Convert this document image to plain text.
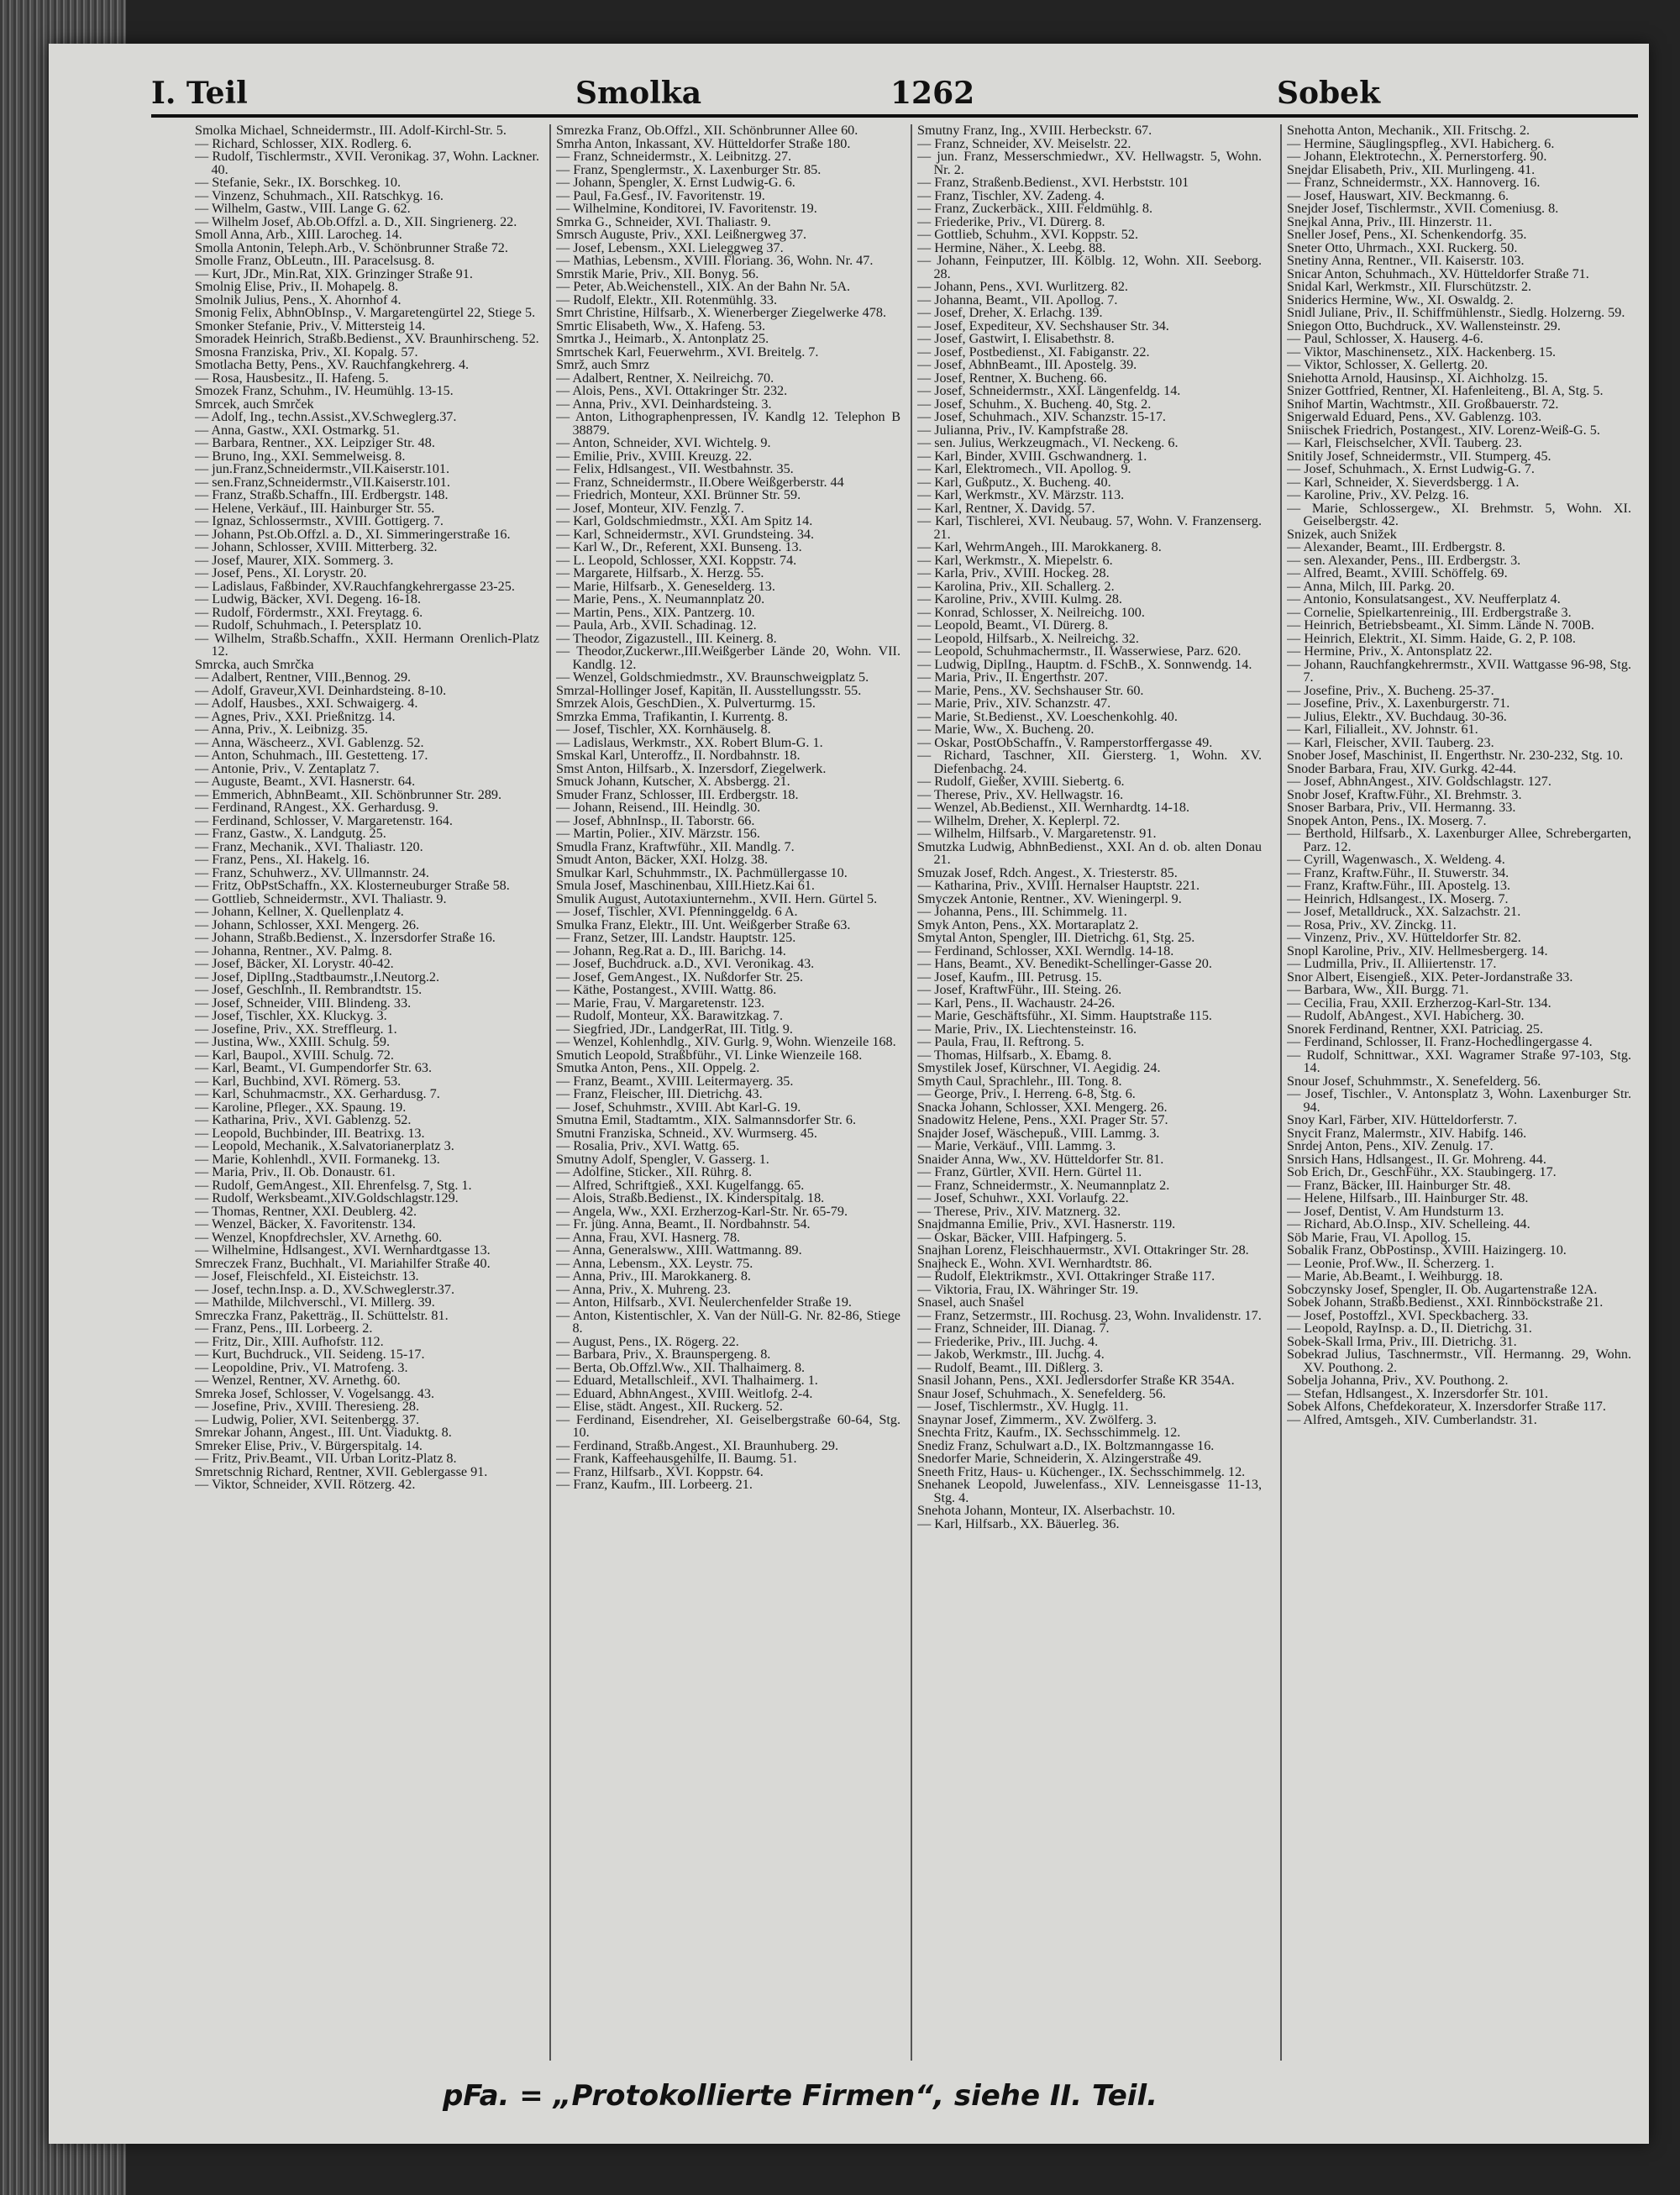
I. Teil	Smolka	1262	Sobek
Smolka Michael, Schneidermstr., III. Adolf-Kirchl-Str. 5.
— Richard, Schlosser, XIX. Rodlerg. 6.
— Rudolf, Tischlermstr., XVII. Veronikag. 37, Wohn. Lackner. 40.
— Stefanie, Sekr., IX. Borschkeg. 10.
— Vinzenz, Schuhmach., XII. Ratschkyg. 16.
— Wilhelm, Gastw., VIII. Lange G. 62.
— Wilhelm Josef, Ab.Ob.Offzl. a. D., XII. Singrienerg. 22.
Smoll Anna, Arb., XIII. Larocheg. 14.
Smolla Antonin, Teleph.Arb., V. Schönbrunner Straße 72.
Smolle Franz, ObLeutn., III. Paracelsusg. 8.
— Kurt, JDr., Min.Rat, XIX. Grinzinger Straße 91.
Smolnig Elise, Priv., II. Mohapelg. 8.
Smolnik Julius, Pens., X. Ahornhof 4.
Smonig Felix, AbhnObInsp., V. Margaretengürtel 22, Stiege 5.
Smonker Stefanie, Priv., V. Mittersteig 14.
Smoradek Heinrich, Straßb.Bedienst., XV. Braunhirscheng. 52.
Smosna Franziska, Priv., XI. Kopalg. 57.
Smotlacha Betty, Pens., XV. Rauchfangkehrerg. 4.
— Rosa, Hausbesitz., II. Hafeng. 5.
Smozek Franz, Schuhm., IV. Heumühlg. 13-15.
Smrcek, auch Smrček
— Adolf, Ing., techn.Assist.,XV.Schweglerg.37.
— Anna, Gastw., XXI. Ostmarkg. 51.
— Barbara, Rentner., XX. Leipziger Str. 48.
— Bruno, Ing., XXI. Semmelweisg. 8.
— jun.Franz,Schneidermstr.,VII.Kaiserstr.101.
— sen.Franz,Schneidermstr.,VII.Kaiserstr.101.
— Franz, Straßb.Schaffn., III. Erdbergstr. 148.
— Helene, Verkäuf., III. Hainburger Str. 55.
— Ignaz, Schlossermstr., XVIII. Gottigerg. 7.
— Johann, Pst.Ob.Offzl. a. D., XI. Simmeringerstraße 16.
— Johann, Schlosser, XVIII. Mitterberg. 32.
— Josef, Maurer, XIX. Sommerg. 3.
— Josef, Pens., XI. Lorystr. 20.
— Ladislaus, Faßbinder, XV.Rauchfangkehrergasse 23-25.
— Ludwig, Bäcker, XVI. Degeng. 16-18.
— Rudolf, Fördermstr., XXI. Freytagg. 6.
— Rudolf, Schuhmach., I. Petersplatz 10.
— Wilhelm, Straßb.Schaffn., XXII. Hermann Orenlich-Platz 12.
Smrcka, auch Smrčka
— Adalbert, Rentner, VIII.,Bennog. 29.
— Adolf, Graveur,XVI. Deinhardsteing. 8-10.
— Adolf, Hausbes., XXI. Schwaigerg. 4.
— Agnes, Priv., XXI. Prießnitzg. 14.
— Anna, Priv., X. Leibnizg. 35.
— Anna, Wäscheerz., XVI. Gablenzg. 52.
— Anton, Schuhmach., III. Gestetteng. 17.
— Antonie, Priv., V. Zentaplatz 7.
— Auguste, Beamt., XVI. Hasnerstr. 64.
— Emmerich, AbhnBeamt., XII. Schönbrunner Str. 289.
— Ferdinand, RAngest., XX. Gerhardusg. 9.
— Ferdinand, Schlosser, V. Margaretenstr. 164.
— Franz, Gastw., X. Landgutg. 25.
— Franz, Mechanik., XVI. Thaliastr. 120.
— Franz, Pens., XI. Hakelg. 16.
— Franz, Schuhwerz., XV. Ullmannstr. 24.
— Fritz, ObPstSchaffn., XX. Klosterneuburger Straße 58.
— Gottlieb, Schneidermstr., XVI. Thaliastr. 9.
— Johann, Kellner, X. Quellenplatz 4.
— Johann, Schlosser, XXI. Mengerg. 26.
— Johann, Straßb.Bedienst., X. Inzersdorfer Straße 16.
— Johanna, Rentner., XV. Palmg. 8.
— Josef, Bäcker, XI. Lorystr. 40-42.
— Josef, DiplIng.,Stadtbaumstr.,I.Neutorg.2.
— Josef, GeschInh., II. Rembrandtstr. 15.
— Josef, Schneider, VIII. Blindeng. 33.
— Josef, Tischler, XX. Kluckyg. 3.
— Josefine, Priv., XX. Streffleurg. 1.
— Justina, Ww., XXIII. Schulg. 59.
— Karl, Baupol., XVIII. Schulg. 72.
— Karl, Beamt., VI. Gumpendorfer Str. 63.
— Karl, Buchbind, XVI. Römerg. 53.
— Karl, Schuhmacmstr., XX. Gerhardusg. 7.
— Karoline, Pfleger., XX. Spaung. 19.
— Katharina, Priv., XVI. Gablenzg. 52.
— Leopold, Buchbinder, III. Beatrixg. 13.
— Leopold, Mechanik., X.Salvatorianerplatz 3.
— Marie, Kohlenhdl., XVII. Formanekg. 13.
— Maria, Priv., II. Ob. Donaustr. 61.
— Rudolf, GemAngest., XII. Ehrenfelsg. 7, Stg. 1.
— Rudolf, Werksbeamt.,XIV.Goldschlagstr.129.
— Thomas, Rentner, XXI. Deublerg. 42.
— Wenzel, Bäcker, X. Favoritenstr. 134.
— Wenzel, Knopfdrechsler, XV. Arnethg. 60.
— Wilhelmine, Hdlsangest., XVI. Wernhardtgasse 13.
Smreczek Franz, Buchhalt., VI. Mariahilfer Straße 40.
— Josef, Fleischfeld., XI. Eisteichstr. 13.
— Josef, techn.Insp. a. D., XV.Schweglerstr.37.
— Mathilde, Milchverschl., VI. Millerg. 39.
Smreczka Franz, Paketträg., II. Schüttelstr. 81.
— Franz, Pens., III. Lorbeerg. 2.
— Fritz, Dir., XIII. Aufhofstr. 112.
— Kurt, Buchdruck., VII. Seideng. 15-17.
— Leopoldine, Priv., VI. Matrofeng. 3.
— Wenzel, Rentner, XV. Arnethg. 60.
Smreka Josef, Schlosser, V. Vogelsangg. 43.
— Josefine, Priv., XVIII. Theresieng. 28.
— Ludwig, Polier, XVI. Seitenbergg. 37.
Smrekar Johann, Angest., III. Unt. Viaduktg. 8.
Smreker Elise, Priv., V. Bürgerspitalg. 14.
— Fritz, Priv.Beamt., VII. Urban Loritz-Platz 8.
Smretschnig Richard, Rentner, XVII. Geblergasse 91.
— Viktor, Schneider, XVII. Rötzerg. 42.
Smrezka Franz, Ob.Offzl., XII. Schönbrunner Allee 60.
Smrha Anton, Inkassant, XV. Hütteldorfer Straße 180.
— Franz, Schneidermstr., X. Leibnitzg. 27.
— Franz, Spenglermstr., X. Laxenburger Str. 85.
— Johann, Spengler, X. Ernst Ludwig-G. 6.
— Paul, Fa.Gesf., IV. Favoritenstr. 19.
— Wilhelmine, Konditorei, IV. Favoritenstr. 19.
Smrka G., Schneider, XVI. Thaliastr. 9.
Smrsch Auguste, Priv., XXI. Leißnergweg 37.
— Josef, Lebensm., XXI. Lieleggweg 37.
— Mathias, Lebensm., XVIII. Floriang. 36, Wohn. Nr. 47.
Smrstik Marie, Priv., XII. Bonyg. 56.
— Peter, Ab.Weichenstell., XIX. An der Bahn Nr. 5A.
— Rudolf, Elektr., XII. Rotenmühlg. 33.
Smrt Christine, Hilfsarb., X. Wienerberger Ziegelwerke 478.
Smrtic Elisabeth, Ww., X. Hafeng. 53.
Smrtka J., Heimarb., X. Antonplatz 25.
Smrtschek Karl, Feuerwehrm., XVI. Breitelg. 7.
Smrž, auch Smrz
— Adalbert, Rentner, X. Neilreichg. 70.
— Alois, Pens., XVI. Ottakringer Str. 232.
— Anna, Priv., XVI. Deinhardsteing. 3.
— Anton, Lithographenpressen, IV. Kandlg 12. Telephon B 38879.
— Anton, Schneider, XVI. Wichtelg. 9.
— Emilie, Priv., XVIII. Kreuzg. 22.
— Felix, Hdlsangest., VII. Westbahnstr. 35.
— Franz, Schneidermstr., II.Obere Weißgerberstr. 44
— Friedrich, Monteur, XXI. Brünner Str. 59.
— Josef, Monteur, XIV. Fenzlg. 7.
— Karl, Goldschmiedmstr., XXI. Am Spitz 14.
— Karl, Schneidermstr., XVI. Grundsteing. 34.
— Karl W., Dr., Referent, XXI. Bunseng. 13.
— L. Leopold, Schlosser, XXI. Koppstr. 74.
— Margarete, Hilfsarb., X. Herzg. 55.
— Marie, Hilfsarb., X. Geneselderg. 13.
— Marie, Pens., X. Neumannplatz 20.
— Martin, Pens., XIX. Pantzerg. 10.
— Paula, Arb., XVII. Schadinag. 12.
— Theodor, Zigazustell., III. Keinerg. 8.
— Theodor,Zuckerwr.,III.Weißgerber Lände 20, Wohn. VII. Kandlg. 12.
— Wenzel, Goldschmiedmstr., XV. Braunschweigplatz 5.
Smrzal-Hollinger Josef, Kapitän, II. Ausstellungsstr. 55.
Smrzek Alois, GeschDien., X. Pulverturmg. 15.
Smrzka Emma, Trafikantin, I. Kurrentg. 8.
— Josef, Tischler, XX. Kornhäuselg. 8.
— Ladislaus, Werkmstr., XX. Robert Blum-G. 1.
Smskal Karl, Unteroffz., II. Nordbahnstr. 18.
Smst Anton, Hilfsarb., X. Inzersdorf, Ziegelwerk.
Smuck Johann, Kutscher, X. Absbergg. 21.
Smuder Franz, Schlosser, III. Erdbergstr. 18.
— Johann, Reisend., III. Heindlg. 30.
— Josef, AbhnInsp., II. Taborstr. 66.
— Martin, Polier., XIV. Märzstr. 156.
Smudla Franz, Kraftwführ., XII. Mandlg. 7.
Smudt Anton, Bäcker, XXI. Holzg. 38.
Smulkar Karl, Schuhmmstr., IX. Pachmüllergasse 10.
Smula Josef, Maschinenbau, XIII.Hietz.Kai 61.
Smulik August, Autotaxiunternehm., XVII. Hern. Gürtel 5.
— Josef, Tischler, XVI. Pfenninggeldg. 6 A.
Smulka Franz, Elektr., III. Unt. Weißgerber Straße 63.
— Franz, Setzer, III. Landstr. Hauptstr. 125.
— Johann, Reg.Rat a. D., III. Barichg. 14.
— Josef, Buchdruck. a.D., XVI. Veronikag. 43.
— Josef, GemAngest., IX. Nußdorfer Str. 25.
— Käthe, Postangest., XVIII. Wattg. 86.
— Marie, Frau, V. Margaretenstr. 123.
— Rudolf, Monteur, XX. Barawitzkag. 7.
— Siegfried, JDr., LandgerRat, III. Titlg. 9.
— Wenzel, Kohlenhdlg., XIV. Gurlg. 9, Wohn. Wienzeile 168.
Smutich Leopold, Straßbführ., VI. Linke Wienzeile 168.
Smutka Anton, Pens., XII. Oppelg. 2.
— Franz, Beamt., XVIII. Leitermayerg. 35.
— Franz, Fleischer, III. Dietrichg. 43.
— Josef, Schuhmstr., XVIII. Abt Karl-G. 19.
Smutna Emil, Stadtamtm., XIX. Salmannsdorfer Str. 6.
Smutni Franziska, Schneid., XV. Wurmserg. 45.
— Rosalia, Priv., XVI. Wattg. 65.
Smutny Adolf, Spengler, V. Gasserg. 1.
— Adolfine, Sticker., XII. Rührg. 8.
— Alfred, Schriftgieß., XXI. Kugelfangg. 65.
— Alois, Straßb.Bedienst., IX. Kinderspitalg. 18.
— Angela, Ww., XXI. Erzherzog-Karl-Str. Nr. 65-79.
— Fr. jüng. Anna, Beamt., II. Nordbahnstr. 54.
— Anna, Frau, XVI. Hasnerg. 78.
— Anna, Generalsww., XIII. Wattmanng. 89.
— Anna, Lebensm., XX. Leystr. 75.
— Anna, Priv., III. Marokkanerg. 8.
— Anna, Priv., X. Muhreng. 23.
— Anton, Hilfsarb., XVI. Neulerchenfelder Straße 19.
— Anton, Kistentischler, X. Van der Nüll-G. Nr. 82-86, Stiege 8.
— August, Pens., IX. Rögerg. 22.
— Barbara, Priv., X. Braunspergeng. 8.
— Berta, Ob.Offzl.Ww., XII. Thalhaimerg. 8.
— Eduard, Metallschleif., XVI. Thalhaimerg. 1.
— Eduard, AbhnAngest., XVIII. Weitlofg. 2-4.
— Elise, städt. Angest., XII. Ruckerg. 52.
— Ferdinand, Eisendreher, XI. Geiselbergstraße 60-64, Stg. 10.
— Ferdinand, Straßb.Angest., XI. Braunhuberg. 29.
— Frank, Kaffeehausgehilfe, II. Baumg. 51.
— Franz, Hilfsarb., XVI. Koppstr. 64.
— Franz, Kaufm., III. Lorbeerg. 21.
Smutny Franz, Ing., XVIII. Herbeckstr. 67.
— Franz, Schneider, XV. Meiselstr. 22.
— jun. Franz, Messerschmiedwr., XV. Hellwagstr. 5, Wohn. Nr. 2.
— Franz, Straßenb.Bedienst., XVI. Herbststr. 101
— Franz, Tischler, XV. Zadeng. 4.
— Franz, Zuckerbäck., XIII. Feldmühlg. 8.
— Friederike, Priv., VI. Dürerg. 8.
— Gottlieb, Schuhm., XVI. Koppstr. 52.
— Hermine, Näher., X. Leebg. 88.
— Johann, Feinputzer, III. Kölblg. 12, Wohn. XII. Seeborg. 28.
— Johann, Pens., XVI. Wurlitzerg. 82.
— Johanna, Beamt., VII. Apollog. 7.
— Josef, Dreher, X. Erlachg. 139.
— Josef, Expediteur, XV. Sechshauser Str. 34.
— Josef, Gastwirt, I. Elisabethstr. 8.
— Josef, Postbedienst., XI. Fabiganstr. 22.
— Josef, AbhnBeamt., III. Apostelg. 39.
— Josef, Rentner, X. Bucheng. 66.
— Josef, Schneidermstr., XXI. Längenfeldg. 14.
— Josef, Schuhm., X. Bucheng. 40, Stg. 2.
— Josef, Schuhmach., XIV. Schanzstr. 15-17.
— Julianna, Priv., IV. Kampfstraße 28.
— sen. Julius, Werkzeugmach., VI. Neckeng. 6.
— Karl, Binder, XVIII. Gschwandnerg. 1.
— Karl, Elektromech., VII. Apollog. 9.
— Karl, Gußputz., X. Bucheng. 40.
— Karl, Werkmstr., XV. Märzstr. 113.
— Karl, Rentner, X. Davidg. 57.
— Karl, Tischlerei, XVI. Neubaug. 57, Wohn. V. Franzenserg. 21.
— Karl, WehrmAngeh., III. Marokkanerg. 8.
— Karl, Werkmstr., X. Miepelstr. 6.
— Karla, Priv., XVIII. Hockeg. 28.
— Karolina, Priv., XII. Schallerg. 2.
— Karoline, Priv., XVIII. Kulmg. 28.
— Konrad, Schlosser, X. Neilreichg. 100.
— Leopold, Beamt., VI. Dürerg. 8.
— Leopold, Hilfsarb., X. Neilreichg. 32.
— Leopold, Schuhmachermstr., II. Wasserwiese, Parz. 620.
— Ludwig, DiplIng., Hauptm. d. FSchB., X. Sonnwendg. 14.
— Maria, Priv., II. Engerthstr. 207.
— Marie, Pens., XV. Sechshauser Str. 60.
— Marie, Priv., XIV. Schanzstr. 47.
— Marie, St.Bedienst., XV. Loeschenkohlg. 40.
— Marie, Ww., X. Bucheng. 20.
— Oskar, PostObSchaffn., V. Ramperstorffergasse 49.
— Richard, Taschner, XII. Giersterg. 1, Wohn. XV. Diefenbachg. 24.
— Rudolf, Gießer, XVIII. Siebertg. 6.
— Therese, Priv., XV. Hellwagstr. 16.
— Wenzel, Ab.Bedienst., XII. Wernhardtg. 14-18.
— Wilhelm, Dreher, X. Keplerpl. 72.
— Wilhelm, Hilfsarb., V. Margaretenstr. 91.
Smutzka Ludwig, AbhnBedienst., XXI. An d. ob. alten Donau 21.
Smuzak Josef, Rdch. Angest., X. Triesterstr. 85.
— Katharina, Priv., XVIII. Hernalser Hauptstr. 221.
Smyczek Antonie, Rentner., XV. Wieningerpl. 9.
— Johanna, Pens., III. Schimmelg. 11.
Smyk Anton, Pens., XX. Mortaraplatz 2.
Smytal Anton, Spengler, III. Dietrichg. 61, Stg. 25.
— Ferdinand, Schlosser, XXI. Werndlg. 14-18.
— Hans, Beamt., XV. Benedikt-Schellinger-Gasse 20.
— Josef, Kaufm., III. Petrusg. 15.
— Josef, KraftwFühr., III. Steing. 26.
— Karl, Pens., II. Wachaustr. 24-26.
— Marie, Geschäftsführ., XI. Simm. Hauptstraße 115.
— Marie, Priv., IX. Liechtensteinstr. 16.
— Paula, Frau, II. Reftrong. 5.
— Thomas, Hilfsarb., X. Ebamg. 8.
Smystilek Josef, Kürschner, VI. Aegidig. 24.
Smyth Caul, Sprachlehr., III. Tong. 8.
— George, Priv., I. Herreng. 6-8, Stg. 6.
Snacka Johann, Schlosser, XXI. Mengerg. 26.
Snadowitz Helene, Pens., XXI. Prager Str. 57.
Snajder Josef, Wäschepuß., VIII. Lammg. 3.
— Marie, Verkäuf., VIII. Lammg. 3.
Snaider Anna, Ww., XV. Hütteldorfer Str. 81.
— Franz, Gürtler, XVII. Hern. Gürtel 11.
— Franz, Schneidermstr., X. Neumannplatz 2.
— Josef, Schuhwr., XXI. Vorlaufg. 22.
— Therese, Priv., XIV. Matznerg. 32.
Snajdmanna Emilie, Priv., XVI. Hasnerstr. 119.
— Oskar, Bäcker, VIII. Hafpingerg. 5.
Snajhan Lorenz, Fleischhauermstr., XVI. Ottakringer Str. 28.
Snajheck E., Wohn. XVI. Wernhardtstr. 86.
— Rudolf, Elektrikmstr., XVI. Ottakringer Straße 117.
— Viktoria, Frau, IX. Währinger Str. 19.
Snasel, auch Snašel
— Franz, Setzermstr., III. Rochusg. 23, Wohn. Invalidenstr. 17.
— Franz, Schneider, III. Dianag. 7.
— Friederike, Priv., III. Juchg. 4.
— Jakob, Werkmstr., III. Juchg. 4.
— Rudolf, Beamt., III. Dißlerg. 3.
Snasil Johann, Pens., XXI. Jedlersdorfer Straße KR 354A.
Snaur Josef, Schuhmach., X. Senefelderg. 56.
— Josef, Tischlermstr., XV. Huglg. 11.
Snaynar Josef, Zimmerm., XV. Zwölferg. 3.
Snechta Fritz, Kaufm., IX. Sechsschimmelg. 12.
Snediz Franz, Schulwart a.D., IX. Boltzmanngasse 16.
Snedorfer Marie, Schneiderin, X. Alzingerstraße 49.
Sneeth Fritz, Haus- u. Küchenger., IX. Sechsschimmelg. 12.
Snehanek Leopold, Juwelenfass., XIV. Lenneisgasse 11-13, Stg. 4.
Snehota Johann, Monteur, IX. Alserbachstr. 10.
— Karl, Hilfsarb., XX. Bäuerleg. 36.
Snehotta Anton, Mechanik., XII. Fritschg. 2.
— Hermine, Säuglingspfleg., XVI. Habicherg. 6.
— Johann, Elektrotechn., X. Pernerstorferg. 90.
Snejdar Elisabeth, Priv., XII. Murlingeng. 41.
— Franz, Schneidermstr., XX. Hannoverg. 16.
— Josef, Hauswart, XIV. Beckmanng. 6.
Snejder Josef, Tischlermstr., XVII. Comeniusg. 8.
Snejkal Anna, Priv., III. Hinzerstr. 11.
Sneller Josef, Pens., XI. Schenkendorfg. 35.
Sneter Otto, Uhrmach., XXI. Ruckerg. 50.
Snetiny Anna, Rentner., VII. Kaiserstr. 103.
Snicar Anton, Schuhmach., XV. Hütteldorfer Straße 71.
Snidal Karl, Werkmstr., XII. Flurschützstr. 2.
Sniderics Hermine, Ww., XI. Oswaldg. 2.
Snidl Juliane, Priv., II. Schiffmühlenstr., Siedlg. Holzerng. 59.
Sniegon Otto, Buchdruck., XV. Wallensteinstr. 29.
— Paul, Schlosser, X. Hauserg. 4-6.
— Viktor, Maschinensetz., XIX. Hackenberg. 15.
— Viktor, Schlosser, X. Gellertg. 20.
Sniehotta Arnold, Hausinsp., XI. Aichholzg. 15.
Snizer Gottfried, Rentner, XI. Hafenleiteng., Bl. A, Stg. 5.
Snihof Martin, Wachtmstr., XII. Großbauerstr. 72.
Snigerwald Eduard, Pens., XV. Gablenzg. 103.
Sniischek Friedrich, Postangest., XIV. Lorenz-Weiß-G. 5.
— Karl, Fleischselcher, XVII. Tauberg. 23.
Snitily Josef, Schneidermstr., VII. Stumperg. 45.
— Josef, Schuhmach., X. Ernst Ludwig-G. 7.
— Karl, Schneider, X. Sieverdsbergg. 1 A.
— Karoline, Priv., XV. Pelzg. 16.
— Marie, Schlossergew., XI. Brehmstr. 5, Wohn. XI. Geiselbergstr. 42.
Snizek, auch Snižek
— Alexander, Beamt., III. Erdbergstr. 8.
— sen. Alexander, Pens., III. Erdbergstr. 3.
— Alfred, Beamt., XVIII. Schöffelg. 69.
— Anna, Milch, III. Parkg. 20.
— Antonio, Konsulatsangest., XV. Neufferplatz 4.
— Cornelie, Spielkartenreinig., III. Erdbergstraße 3.
— Heinrich, Betriebsbeamt., XI. Simm. Lände N. 700B.
— Heinrich, Elektrit., XI. Simm. Haide, G. 2, P. 108.
— Hermine, Priv., X. Antonsplatz 22.
— Johann, Rauchfangkehrermstr., XVII. Wattgasse 96-98, Stg. 7.
— Josefine, Priv., X. Bucheng. 25-37.
— Josefine, Priv., X. Laxenburgerstr. 71.
— Julius, Elektr., XV. Buchdaug. 30-36.
— Karl, Filialleit., XV. Johnstr. 61.
— Karl, Fleischer, XVII. Tauberg. 23.
Snober Josef, Maschinist, II. Engerthstr. Nr. 230-232, Stg. 10.
Snoder Barbara, Frau, XIV. Gurkg. 42-44.
— Josef, AbhnAngest., XIV. Goldschlagstr. 127.
Snobr Josef, Kraftw.Führ., XI. Brehmstr. 3.
Snoser Barbara, Priv., VII. Hermanng. 33.
Snopek Anton, Pens., IX. Moserg. 7.
— Berthold, Hilfsarb., X. Laxenburger Allee, Schrebergarten, Parz. 12.
— Cyrill, Wagenwasch., X. Weldeng. 4.
— Franz, Kraftw.Führ., II. Stuwerstr. 34.
— Franz, Kraftw.Führ., III. Apostelg. 13.
— Heinrich, Hdlsangest., IX. Moserg. 7.
— Josef, Metalldruck., XX. Salzachstr. 21.
— Rosa, Priv., XV. Zinckg. 11.
— Vinzenz, Priv., XV. Hütteldorfer Str. 82.
Snopl Karoline, Priv., XIV. Hellmesbergerg. 14.
— Ludmilla, Priv., II. Alliiertenstr. 17.
Snor Albert, Eisengieß., XIX. Peter-Jordanstraße 33.
— Barbara, Ww., XII. Burgg. 71.
— Cecilia, Frau, XXII. Erzherzog-Karl-Str. 134.
— Rudolf, AbAngest., XVI. Habicherg. 30.
Snorek Ferdinand, Rentner, XXI. Patriciag. 25.
— Ferdinand, Schlosser, II. Franz-Hochedlingergasse 4.
— Rudolf, Schnittwar., XXI. Wagramer Straße 97-103, Stg. 14.
Snour Josef, Schuhmmstr., X. Senefelderg. 56.
— Josef, Tischler., V. Antonsplatz 3, Wohn. Laxenburger Str. 94.
Snoy Karl, Färber, XIV. Hütteldorferstr. 7.
Snycit Franz, Malermstr., XIV. Habifg. 146.
Snrdej Anton, Pens., XIV. Zenulg. 17.
Snrsich Hans, Hdlsangest., II. Gr. Mohreng. 44.
Sob Erich, Dr., GeschFühr., XX. Staubingerg. 17.
— Franz, Bäcker, III. Hainburger Str. 48.
— Helene, Hilfsarb., III. Hainburger Str. 48.
— Josef, Dentist, V. Am Hundsturm 13.
— Richard, Ab.O.Insp., XIV. Schelleing. 44.
Söb Marie, Frau, VI. Apollog. 15.
Sobalik Franz, ObPostinsp., XVIII. Haizingerg. 10.
— Leonie, Prof.Ww., II. Scherzerg. 1.
— Marie, Ab.Beamt., I. Weihburgg. 18.
Sobczynsky Josef, Spengler, II. Ob. Augartenstraße 12A.
Sobek Johann, Straßb.Bedienst., XXI. Rinnböckstraße 21.
— Josef, Postoffzl., XVI. Speckbacherg. 33.
— Leopold, RayInsp. a. D., II. Dietrichg. 31.
Sobek-Skall Irma, Priv., III. Dietrichg. 31.
Sobekrad Julius, Taschnermstr., VII. Hermanng. 29, Wohn. XV. Pouthong. 2.
Sobelja Johanna, Priv., XV. Pouthong. 2.
— Stefan, Hdlsangest., X. Inzersdorfer Str. 101.
Sobek Alfons, Chefdekorateur, X. Inzersdorfer Straße 117.
— Alfred, Amtsgeh., XIV. Cumberlandstr. 31.
pFa. = „Protokollierte Firmen“, siehe II. Teil.
